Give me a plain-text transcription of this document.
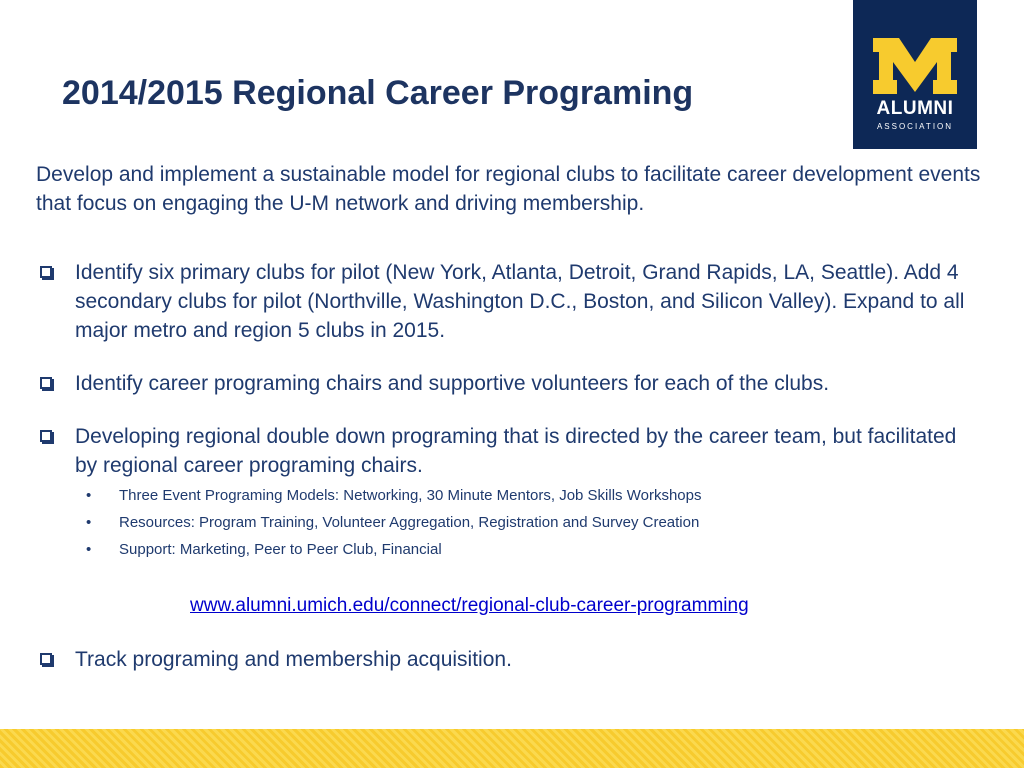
2014/2015 Regional Career Programing	ALUMNI
ASSOCIATION
Develop and implement a sustainable model for regional clubs to facilitate career development events that focus on engaging the U-M network and driving membership.
Identify six primary clubs for pilot (New York, Atlanta, Detroit, Grand Rapids, LA, Seattle). Add 4 secondary clubs for pilot (Northville, Washington D.C., Boston, and Silicon Valley). Expand to all major metro and region 5 clubs in 2015.
Identify career programing chairs and supportive volunteers for each of the clubs.
Developing regional double down programing that is directed by the career team, but facilitated by regional career programing chairs.
• Three Event Programing Models: Networking, 30 Minute Mentors, Job Skills Workshops
• Resources: Program Training, Volunteer Aggregation, Registration and Survey Creation
• Support: Marketing, Peer to Peer Club, Financial
www.alumni.umich.edu/connect/regional-club-career-programming
Track programing and membership acquisition.
